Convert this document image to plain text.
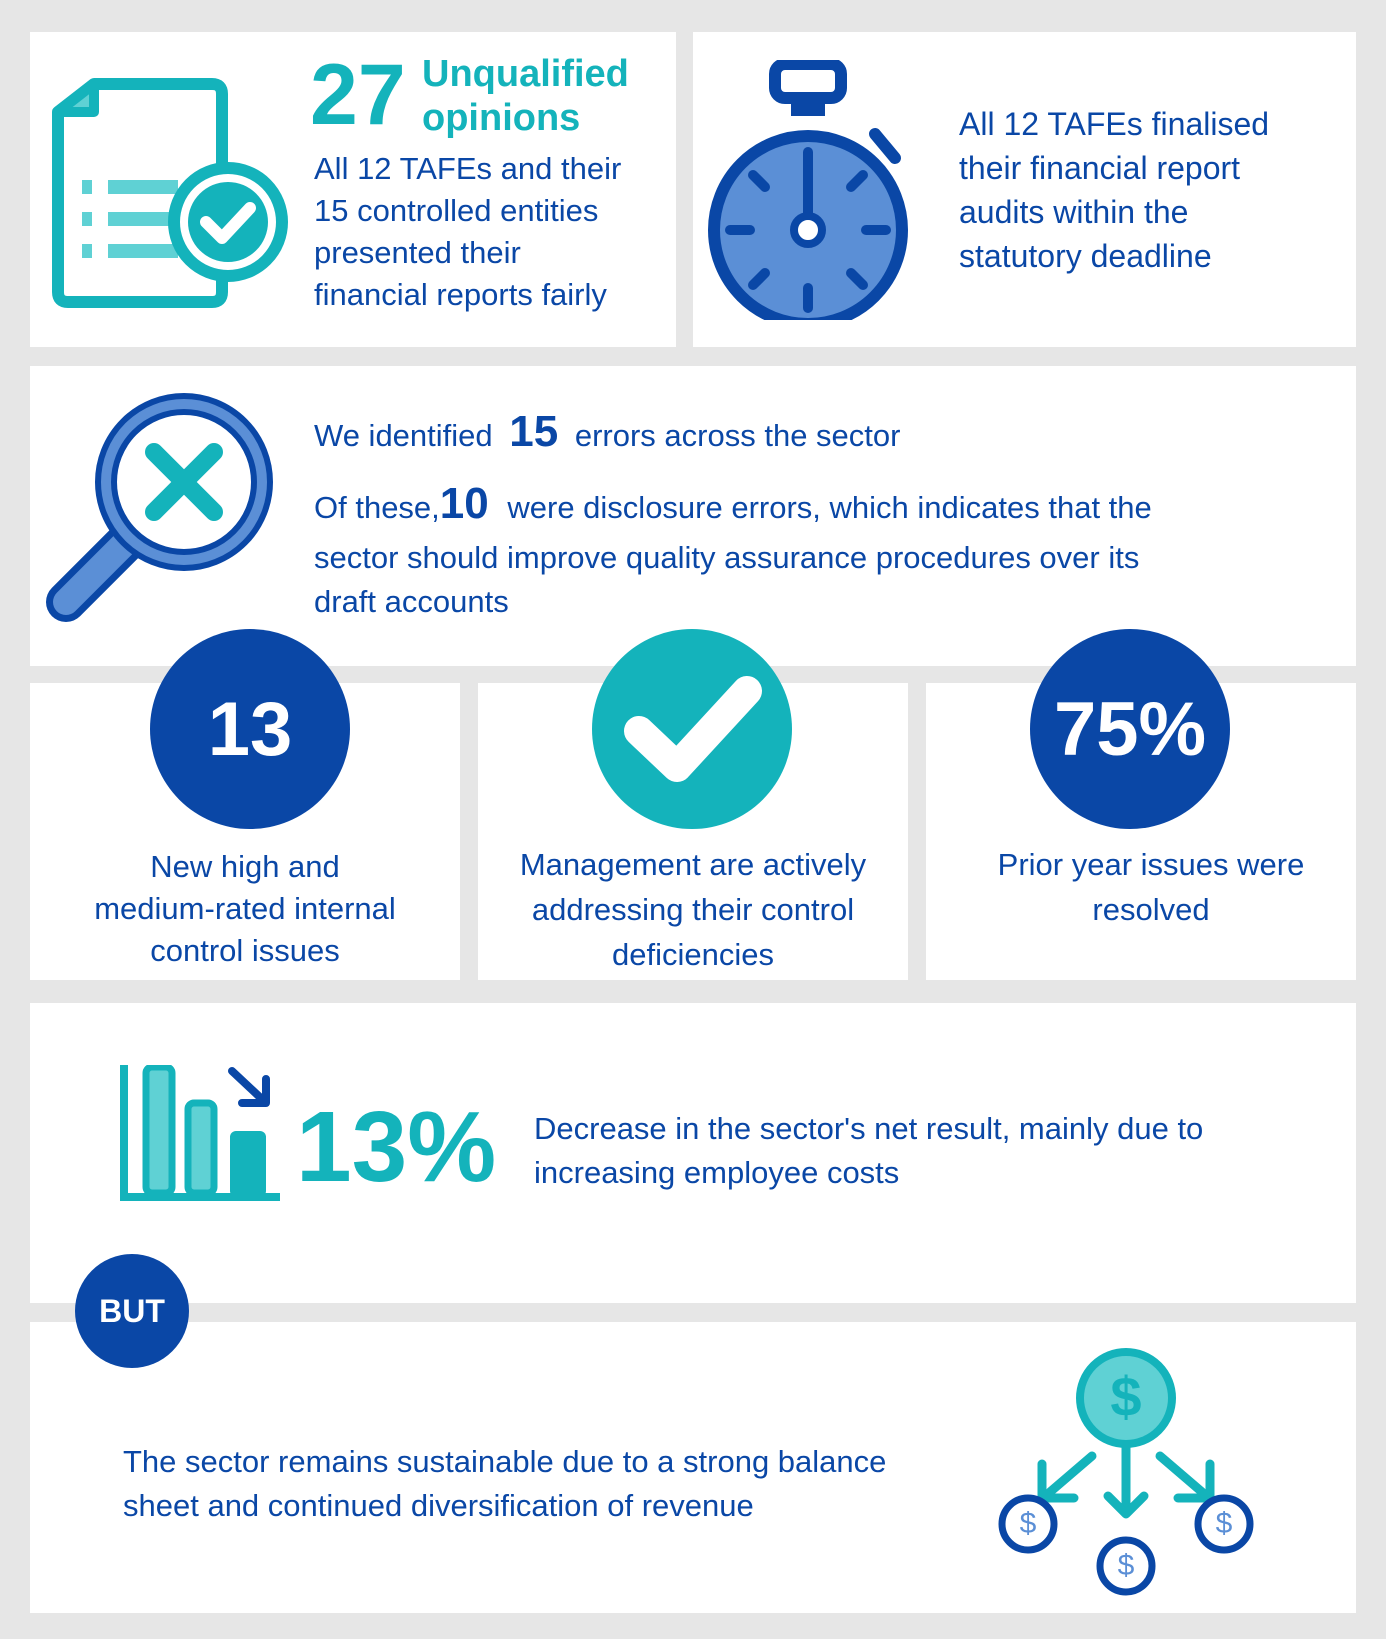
27 Unqualified
opinions
All 12 TAFEs and their
15 controlled entities
presented their
financial reports fairly
All 12 TAFEs finalised
their financial report
audits within the
statutory deadline
We identified 15 errors across the sector
Of these,10 were disclosure errors, which indicates that the
sector should improve quality assurance procedures over its
draft accounts
13
New high and
medium-rated internal
control issues
Management are actively
addressing their control
deficiencies
75%
Prior year issues were
resolved
13% Decrease in the sector's net result, mainly due to
increasing employee costs
The sector remains sustainable due to a strong balance
sheet and continued diversification of revenue
$
$
$
$
BUT
